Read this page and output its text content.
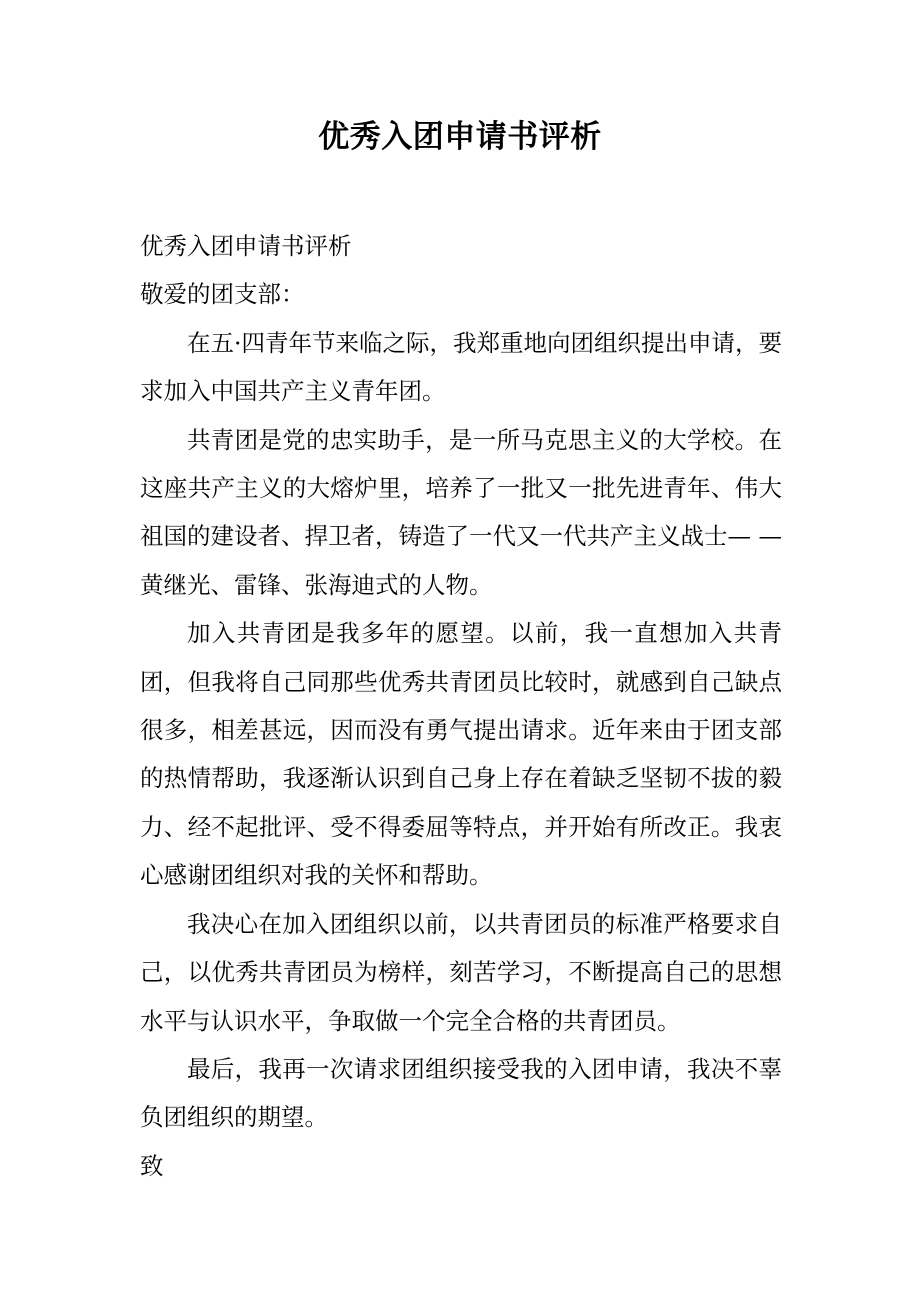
优秀入团申请书评析

优秀入团申请书评析

敬爱的团支部：

在五·四青年节来临之际，我郑重地向团组织提出申请，要求加入中国共产主义青年团。

共青团是党的忠实助手，是一所马克思主义的大学校。在这座共产主义的大熔炉里，培养了一批又一批先进青年、伟大祖国的建设者、捍卫者，铸造了一代又一代共产主义战士— —黄继光、雷锋、张海迪式的人物。

加入共青团是我多年的愿望。以前，我一直想加入共青团，但我将自己同那些优秀共青团员比较时，就感到自己缺点很多，相差甚远，因而没有勇气提出请求。近年来由于团支部的热情帮助，我逐渐认识到自己身上存在着缺乏坚韧不拔的毅力、经不起批评、受不得委屈等特点，并开始有所改正。我衷心感谢团组织对我的关怀和帮助。

我决心在加入团组织以前，以共青团员的标准严格要求自己，以优秀共青团员为榜样，刻苦学习，不断提高自己的思想水平与认识水平，争取做一个完全合格的共青团员。

最后，我再一次请求团组织接受我的入团申请，我决不辜负团组织的期望。

致
